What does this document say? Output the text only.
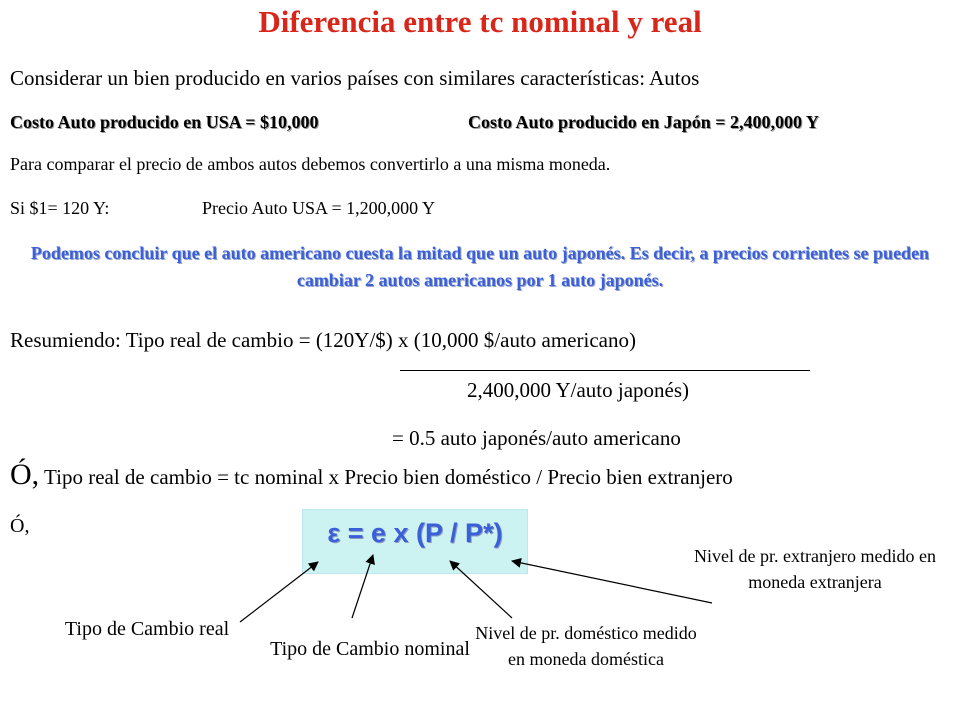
Diferencia entre tc nominal y real
Considerar un bien producido en varios países con similares características: Autos
Costo Auto producido en USA = $10,000	Costo Auto producido en Japón = 2,400,000 Y
Para comparar el precio de ambos autos debemos convertirlo a una misma moneda.
Si $1= 120 Y:	Precio Auto USA = 1,200,000 Y
Podemos concluir que el auto americano cuesta la mitad que un auto japonés. Es decir, a precios corrientes se pueden cambiar 2 autos americanos por 1 auto japonés.
Resumiendo: Tipo real de cambio = (120Y/$) x (10,000 $/auto americano)
2,400,000 Y/auto japonés)
= 0.5 auto japonés/auto americano
Ó, Tipo real de cambio = tc nominal x Precio bien doméstico / Precio bien extranjero
Ó,	ε = e x (P / P*)
Tipo de Cambio real
Tipo de Cambio nominal
Nivel de pr. doméstico medido en moneda doméstica
Nivel de pr. extranjero medido en moneda extranjera
